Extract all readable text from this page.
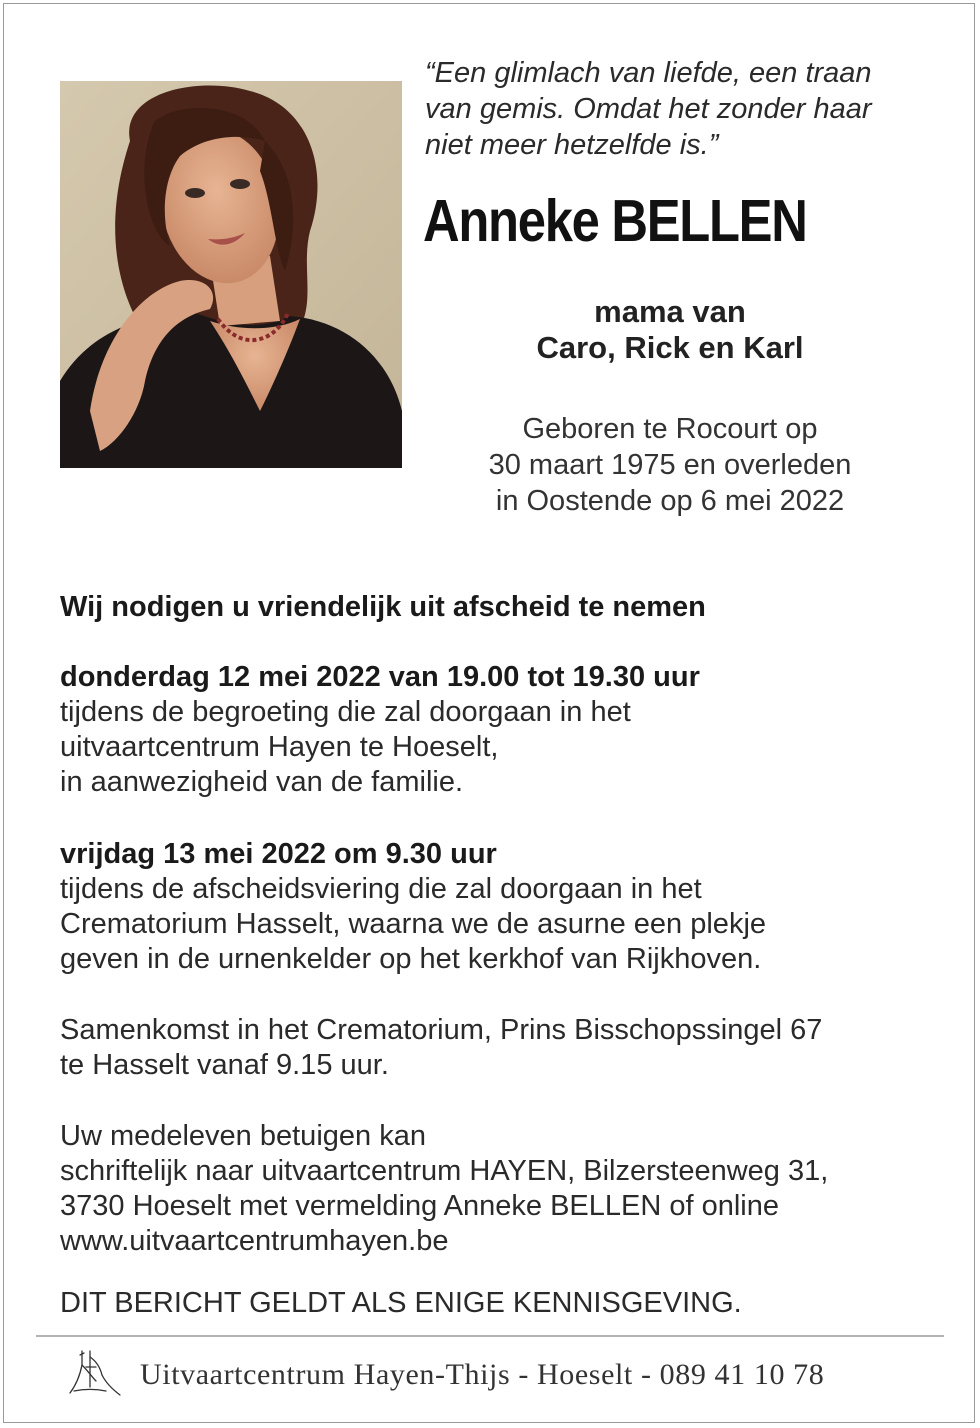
“Een glimlach van liefde, een traan
van gemis. Omdat het zonder haar
niet meer hetzelfde is.”
Anneke BELLEN
mama van
Caro, Rick en Karl
Geboren te Rocourt op
30 maart 1975 en overleden
in Oostende op 6 mei 2022
Wij nodigen u vriendelijk uit afscheid te nemen
donderdag 12 mei 2022 van 19.00 tot 19.30 uur
tijdens de begroeting die zal doorgaan in het
uitvaartcentrum Hayen te Hoeselt,
in aanwezigheid van de familie.
vrijdag 13 mei 2022 om 9.30 uur
tijdens de afscheidsviering die zal doorgaan in het
Crematorium Hasselt, waarna we de asurne een plekje
geven in de urnenkelder op het kerkhof van Rijkhoven.
Samenkomst in het Crematorium, Prins Bisschopssingel 67
te Hasselt vanaf 9.15 uur.
Uw medeleven betuigen kan
schriftelijk naar uitvaartcentrum HAYEN, Bilzersteenweg 31,
3730 Hoeselt met vermelding Anneke BELLEN of online
www.uitvaartcentrumhayen.be
DIT BERICHT GELDT ALS ENIGE KENNISGEVING.
Uitvaartcentrum Hayen-Thijs - Hoeselt - 089 41 10 78
